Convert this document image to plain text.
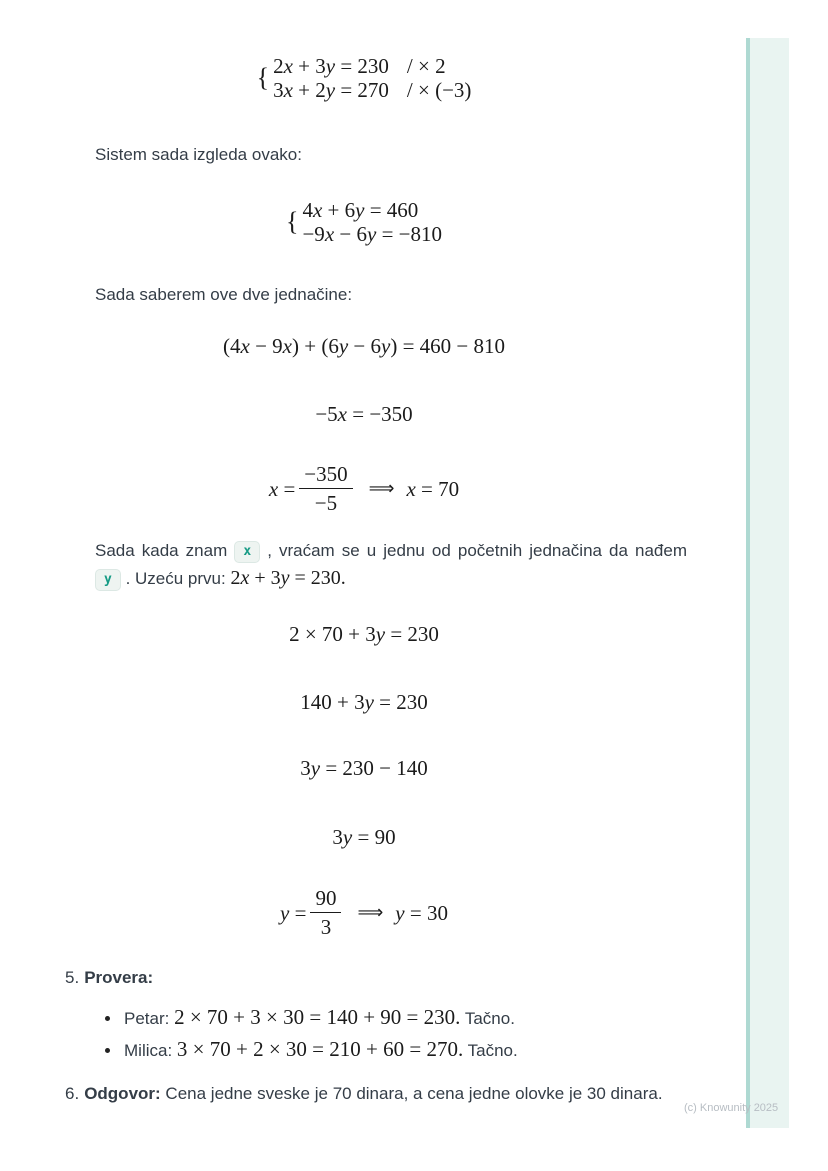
(c) Knowunity 2025
{ 2x + 3y = 230 / × 2
3x + 2y = 270 / × (−3)

Sistem sada izgleda ovako:

{ 4x + 6y = 460
−9x − 6y = −810

Sada saberem ove dve jednačine:

(4x − 9x) + (6y − 6y) = 460 − 810
−5x = −350
$x = \frac{-350}{-5}$ ⟹ x = 70

Sada kada znam x , vraćam se u jednu od početnih jednačina da nađem y . Uzeću prvu: 2x + 3y = 230.

2 × 70 + 3y = 230
140 + 3y = 230
3y = 230 − 140
3y = 90
$y = \frac{90}{3}$ ⟹ y = 30
5. Provera:
Petar: 2 × 70 + 3 × 30 = 140 + 90 = 230. Tačno.
Milica: 3 × 70 + 2 × 30 = 210 + 60 = 270. Tačno.
6. Odgovor: Cena jedne sveske je 70 dinara, a cena jedne olovke je 30 dinara.
